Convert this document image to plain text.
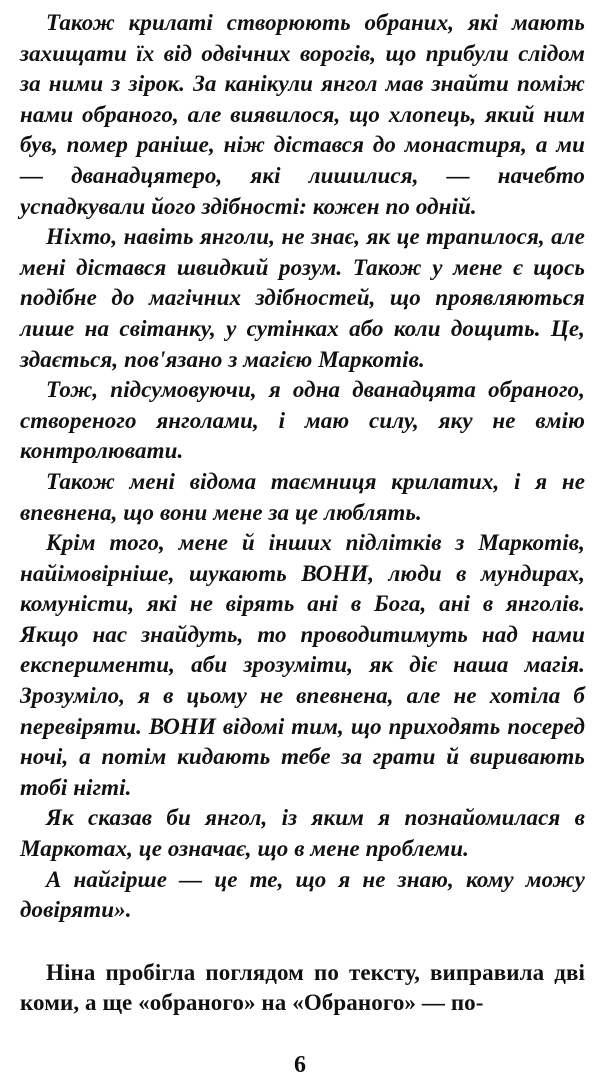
Також крилаті створюють обраних, які мають захищати їх від одвічних ворогів, що прибули слідом за ними з зірок. За канікули янгол мав знайти поміж нами обраного, але виявилося, що хлопець, який ним був, помер раніше, ніж дістався до монастиря, а ми — дванадцятеро, які лишилися, — начебто успадкували його здібності: кожен по одній.

Ніхто, навіть янголи, не знає, як це трапилося, але мені дістався швидкий розум. Також у мене є щось подібне до магічних здібностей, що проявляються лише на світанку, у сутінках або коли дощить. Це, здається, пов'язано з магією Маркотів.

Тож, підсумовуючи, я одна дванадцята обраного, створеного янголами, і маю силу, яку не вмію контролювати.

Також мені відома таємниця крилатих, і я не впевнена, що вони мене за це люблять.

Крім того, мене й інших підлітків з Маркотів, найімовірніше, шукають ВОНИ, люди в мундирах, комуністи, які не вірять ані в Бога, ані в янголів. Якщо нас знайдуть, то проводитимуть над нами експерименти, аби зрозуміти, як діє наша магія. Зрозуміло, я в цьому не впевнена, але не хотіла б перевіряти. ВОНИ відомі тим, що приходять посеред ночі, а потім кидають тебе за грати й виривають тобі нігті.

Як сказав би янгол, із яким я познайомилася в Маркотах, це означає, що в мене проблеми.

А найгірше — це те, що я не знаю, кому можу довіряти».

Ніна пробігла поглядом по тексту, виправила дві коми, а ще «обраного» на «Обраного» — по-

6
